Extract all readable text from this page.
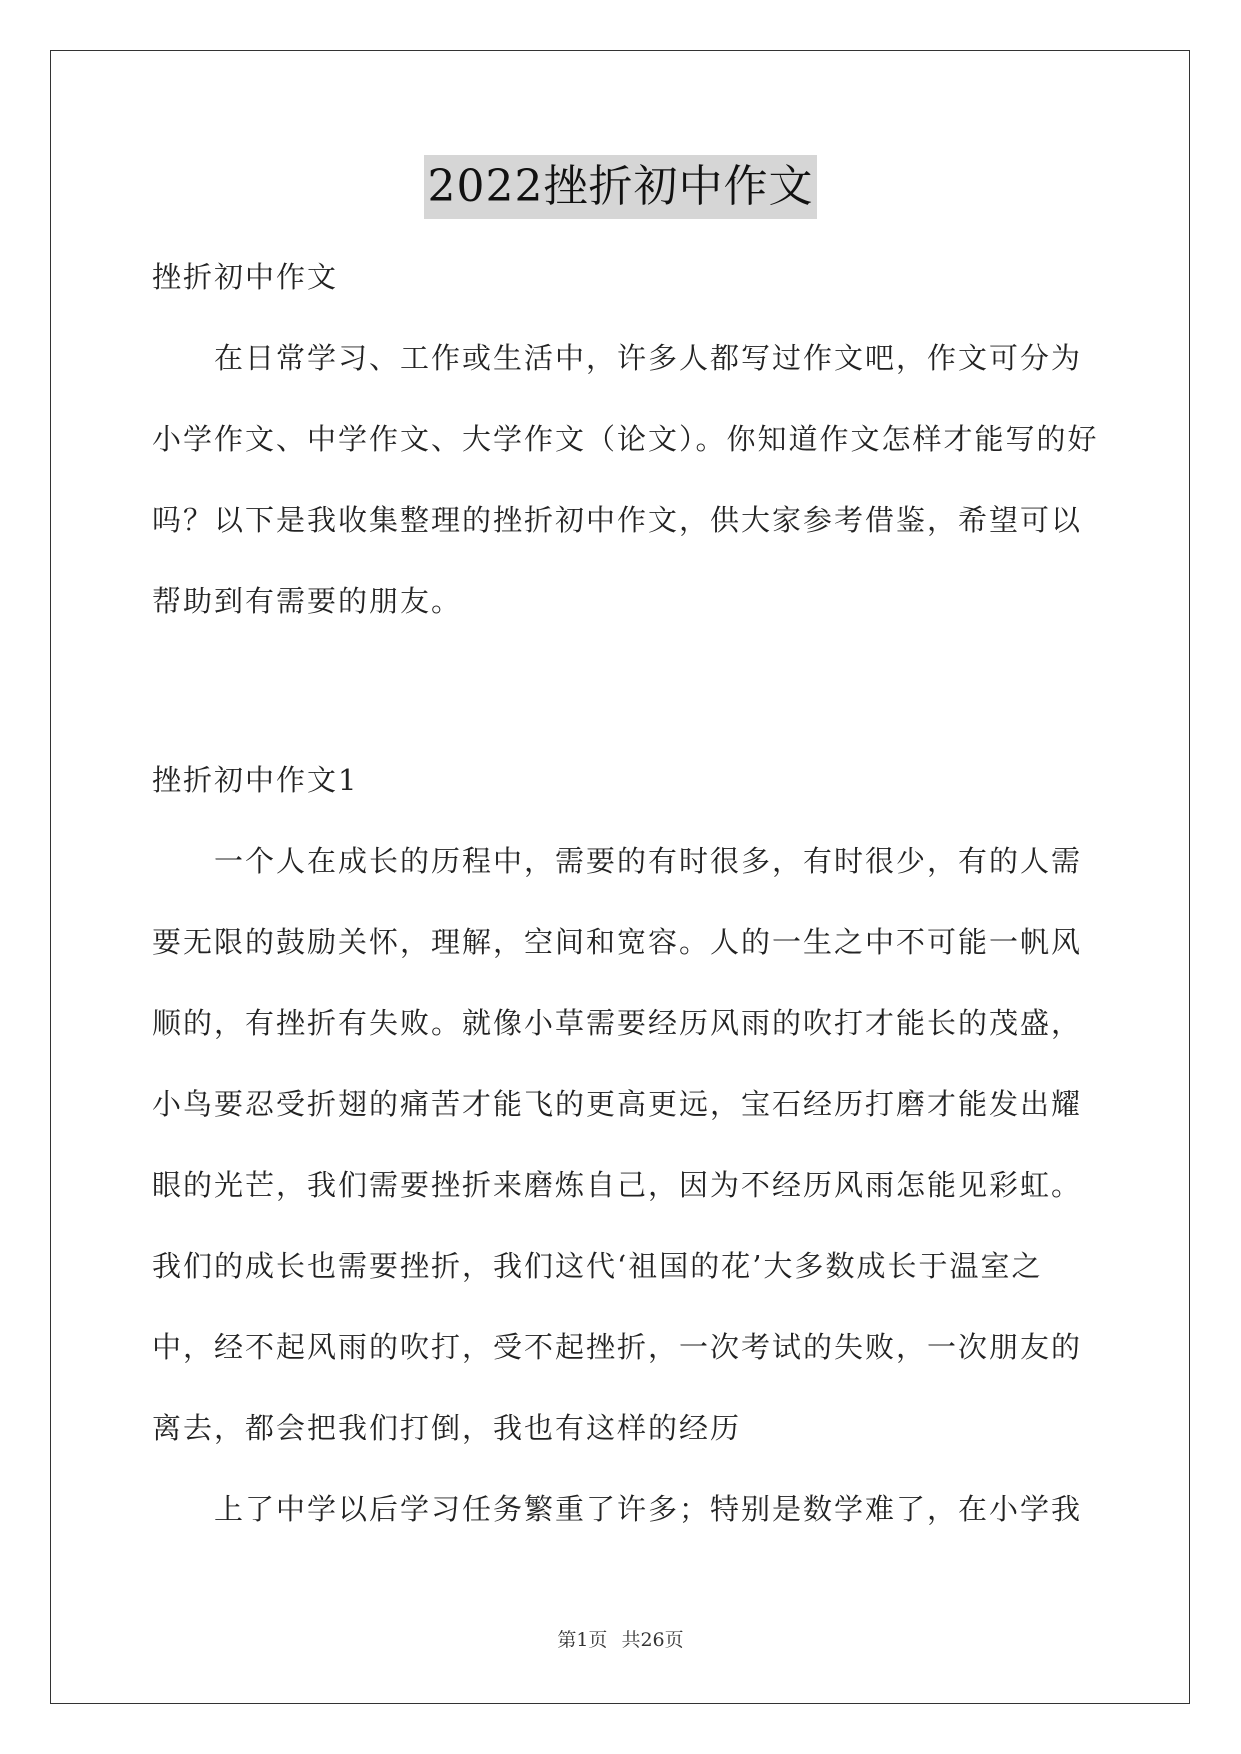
2022挫折初中作文
挫折初中作文
　　在日常学习、工作或生活中，许多人都写过作文吧，作文可分为
小学作文、中学作文、大学作文（论文）。你知道作文怎样才能写的好
吗？以下是我收集整理的挫折初中作文，供大家参考借鉴，希望可以
帮助到有需要的朋友。
挫折初中作文1
　　一个人在成长的历程中，需要的有时很多，有时很少，有的人需
要无限的鼓励关怀，理解，空间和宽容。人的一生之中不可能一帆风
顺的，有挫折有失败。就像小草需要经历风雨的吹打才能长的茂盛，
小鸟要忍受折翅的痛苦才能飞的更高更远，宝石经历打磨才能发出耀
眼的光芒，我们需要挫折来磨炼自己，因为不经历风雨怎能见彩虹。
我们的成长也需要挫折，我们这代‘祖国的花’大多数成长于温室之
中，经不起风雨的吹打，受不起挫折，一次考试的失败，一次朋友的
离去，都会把我们打倒，我也有这样的经历
　　上了中学以后学习任务繁重了许多；特别是数学难了，在小学我
第1页 共26页
